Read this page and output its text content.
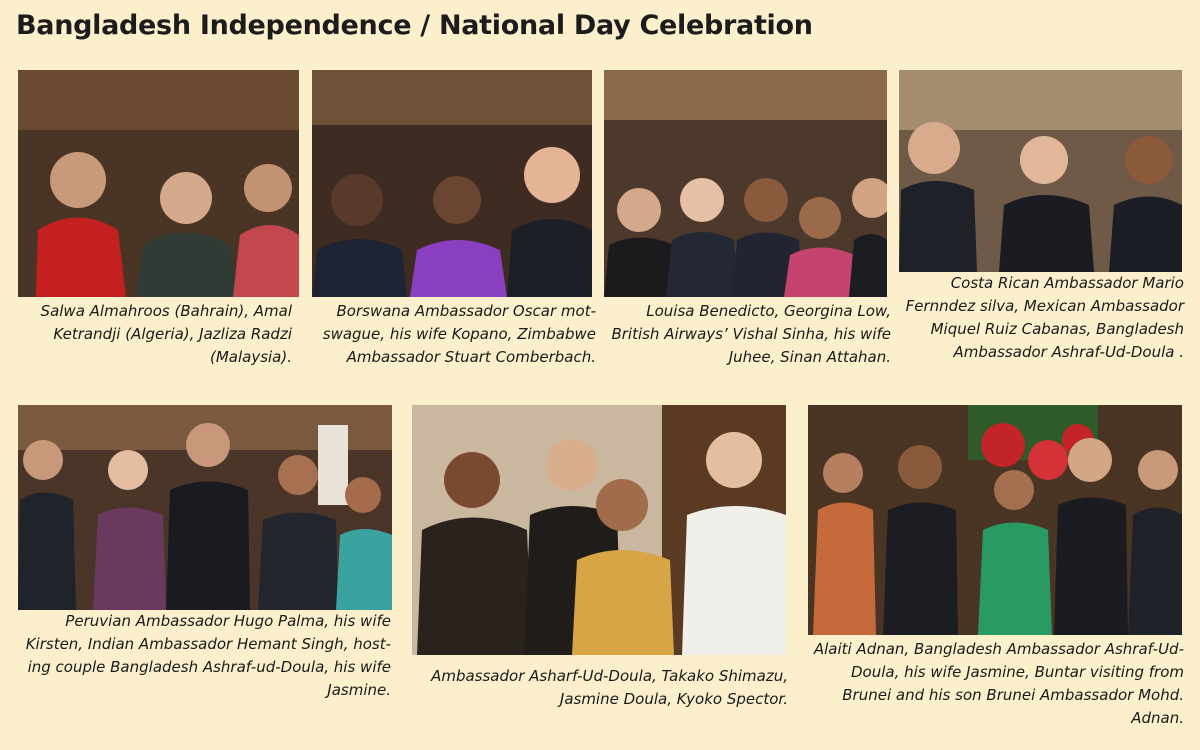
Bangladesh Independence / National Day Celebration
Salwa Almahroos (Bahrain), Amal Ketrandji (Algeria), Jazliza Radzi (Malaysia).
Borswana Ambassador Oscar mot-swague, his wife Kopano, Zimbabwe Ambassador Stuart Comberbach.
Louisa Benedicto, Georgina Low, British Airways’ Vishal Sinha, his wife Juhee, Sinan Attahan.
Costa Rican Ambassador Mario Fernndez silva, Mexican Ambassador Miquel Ruiz Cabanas, Bangladesh Ambassador Ashraf-Ud-Doula .
Peruvian Ambassador Hugo Palma, his wife Kirsten, Indian Ambassador Hemant Singh, host-ing couple Bangladesh Ashraf-ud-Doula, his wife Jasmine.
Ambassador Asharf-Ud-Doula, Takako Shimazu, Jasmine Doula, Kyoko Spector.
Alaiti Adnan, Bangladesh Ambassador Ashraf-Ud-Doula, his wife Jasmine, Buntar visiting from Brunei and his son Brunei Ambassador Mohd. Adnan.
